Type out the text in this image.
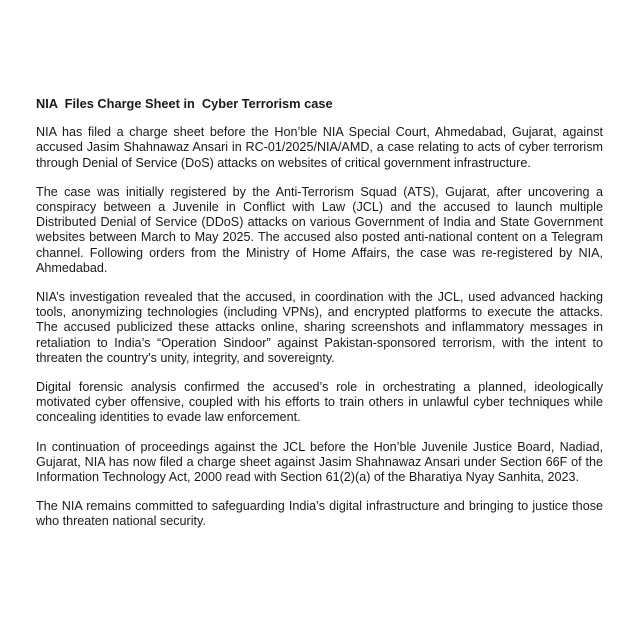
NIA  Files Charge Sheet in  Cyber Terrorism case

NIA has filed a charge sheet before the Hon’ble NIA Special Court, Ahmedabad, Gujarat, against accused Jasim Shahnawaz Ansari in RC-01/2025/NIA/AMD, a case relating to acts of cyber terrorism through Denial of Service (DoS) attacks on websites of critical government infrastructure.

The case was initially registered by the Anti-Terrorism Squad (ATS), Gujarat, after uncovering a conspiracy between a Juvenile in Conflict with Law (JCL) and the accused to launch multiple Distributed Denial of Service (DDoS) attacks on various Government of India and State Government websites between March to May 2025. The accused also posted anti-national content on a Telegram channel. Following orders from the Ministry of Home Affairs, the case was re-registered by NIA, Ahmedabad.

NIA’s investigation revealed that the accused, in coordination with the JCL, used advanced hacking tools, anonymizing technologies (including VPNs), and encrypted platforms to execute the attacks. The accused publicized these attacks online, sharing screenshots and inflammatory messages in retaliation to India’s “Operation Sindoor” against Pakistan-sponsored terrorism, with the intent to threaten the country’s unity, integrity, and sovereignty.

Digital forensic analysis confirmed the accused’s role in orchestrating a planned, ideologically motivated cyber offensive, coupled with his efforts to train others in unlawful cyber techniques while concealing identities to evade law enforcement.

In continuation of proceedings against the JCL before the Hon’ble Juvenile Justice Board, Nadiad, Gujarat, NIA has now filed a charge sheet against Jasim Shahnawaz Ansari under Section 66F of the Information Technology Act, 2000 read with Section 61(2)(a) of the Bharatiya Nyay Sanhita, 2023.

The NIA remains committed to safeguarding India’s digital infrastructure and bringing to justice those who threaten national security.
